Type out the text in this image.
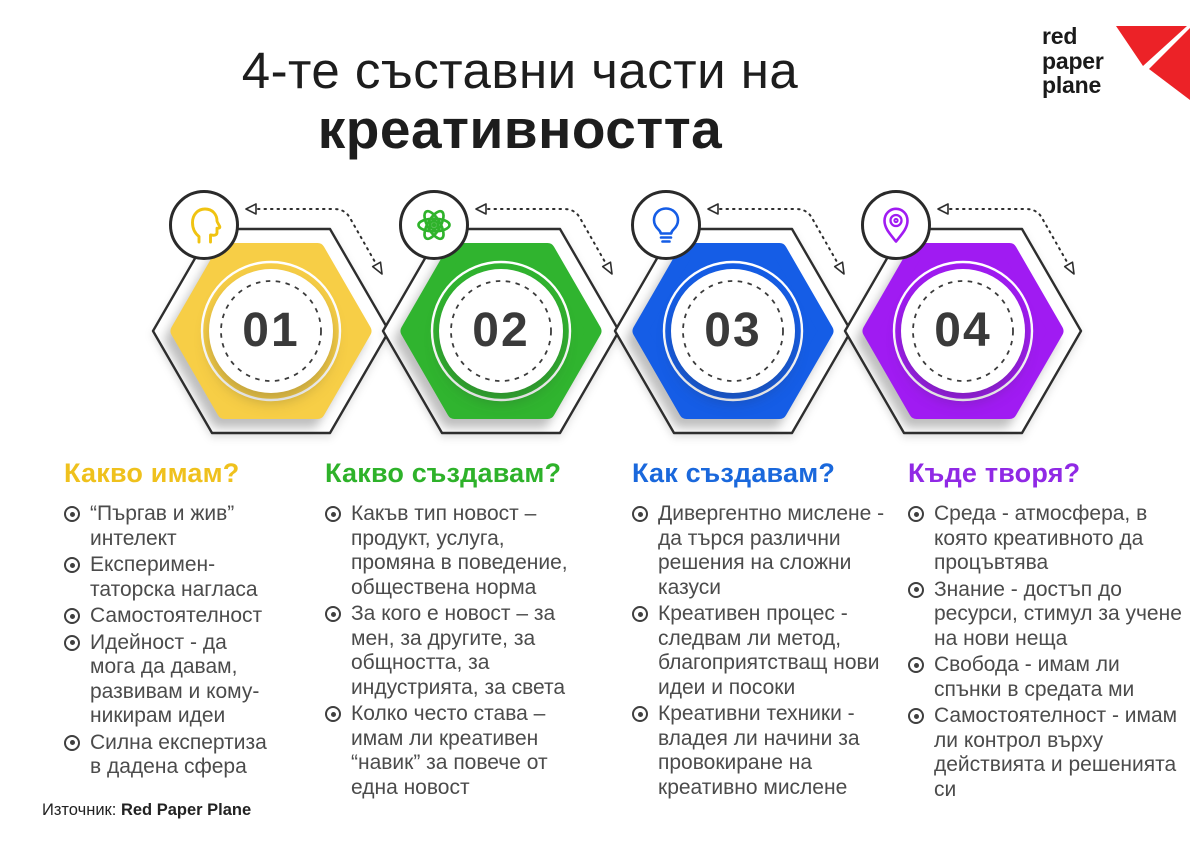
4-те съставни части на
креативността
red
paper
plane
01	02	03	04
Какво имам?
“Пъргав и жив” интелект
Експеримен-таторска нагласа
Самостоятелност
Идейност - да мога да давам, развивам и кому-никирам идеи
Силна експертиза в дадена сфера
Какво създавам?
Какъв тип новост – продукт, услуга, промяна в поведение, обществена норма
За кого е новост – за мен, за другите, за общността, за индустрията, за света
Колко често става – имам ли креативен “навик” за повече от една новост
Как създавам?
Дивергентно мислене - да търся различни решения на сложни казуси
Креативен процес - следвам ли метод, благоприятстващ нови идеи и посоки
Креативни техники - владея ли начини за провокиране на креативно мислене
Къде творя?
Среда - атмосфера, в която креативното да процъвтява
Знание - достъп до ресурси, стимул за учене на нови неща
Свобода - имам ли спънки в средата ми
Самостоятелност - имам ли контрол върху действията и решенията си
Източник: Red Paper Plane
